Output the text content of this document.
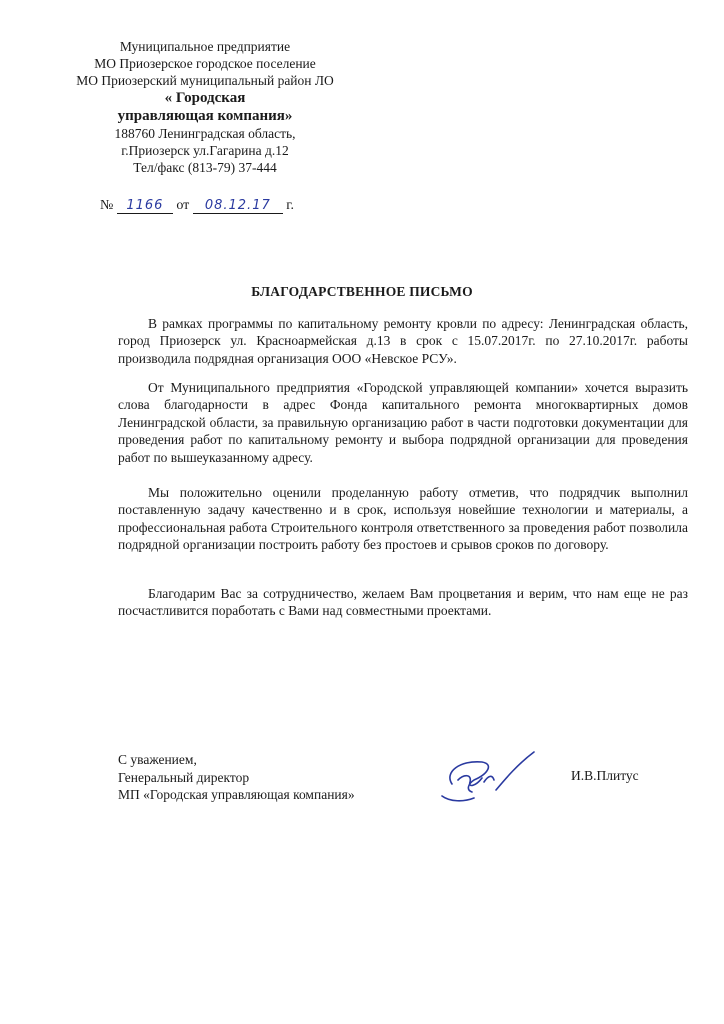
Муниципальное предприятие
МО Приозерское городское поселение
МО Приозерский муниципальный район ЛО
« Городская
управляющая компания»
188760 Ленинградская область,
г.Приозерск ул.Гагарина д.12
Тел/факс (813-79) 37-444
№ 1166 от 08.12.17 г.
БЛАГОДАРСТВЕННОЕ ПИСЬМО
В рамках программы по капитальному ремонту кровли по адресу: Ленинградская область, город Приозерск ул. Красноармейская д.13 в срок с 15.07.2017г. по 27.10.2017г. работы производила подрядная организация ООО «Невское РСУ».
От Муниципального предприятия «Городской управляющей компании» хочется выразить слова благодарности в адрес Фонда капитального ремонта многоквартирных домов Ленинградской области, за правильную организацию работ в части подготовки документации для проведения работ по капитальному ремонту и выбора подрядной организации для проведения работ по вышеуказанному адресу.
Мы положительно оценили проделанную работу отметив, что подрядчик выполнил поставленную задачу качественно и в срок, используя новейшие технологии и материалы, а профессиональная работа Строительного контроля ответственного за проведения работ позволила подрядной организации построить работу без простоев и срывов сроков по договору.
Благодарим Вас за сотрудничество, желаем Вам процветания и верим, что нам еще не раз посчастливится поработать с Вами над совместными проектами.
С уважением,
Генеральный директор
МП «Городская управляющая компания»
И.В.Плитус
